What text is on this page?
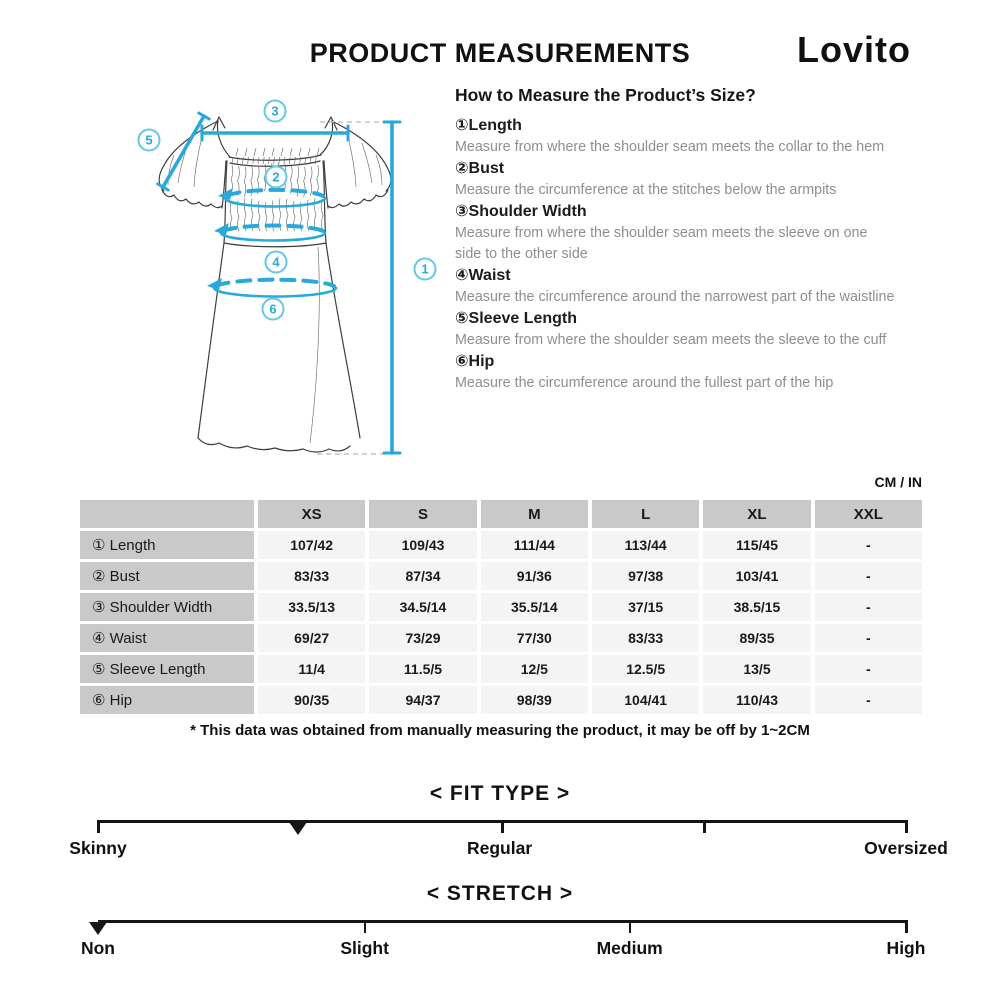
PRODUCT MEASUREMENTS	Lovito
3
5
2
4
6
1
How to Measure the Product’s Size?
①Length
Measure from where the shoulder seam meets the collar to the hem
②Bust
Measure the circumference at the stitches below the armpits
③Shoulder Width
Measure from where the shoulder seam meets the sleeve on one side to the other side
④Waist
Measure the circumference around the narrowest part of the waistline
⑤Sleeve Length
Measure from where the shoulder seam meets the sleeve to the cuff
⑥Hip
Measure the circumference around the fullest part of the hip
CM / IN
XS	S	M	L	XL	XXL
① Length	107/42	109/43	111/44	113/44	115/45	-
② Bust	83/33	87/34	91/36	97/38	103/41	-
③ Shoulder Width	33.5/13	34.5/14	35.5/14	37/15	38.5/15	-
④ Waist	69/27	73/29	77/30	83/33	89/35	-
⑤ Sleeve Length	11/4	11.5/5	12/5	12.5/5	13/5	-
⑥ Hip	90/35	94/37	98/39	104/41	110/43	-
* This data was obtained from manually measuring the product, it may be off by 1~2CM
< FIT TYPE >
Skinny	Regular	Oversized
< STRETCH >
Non	Slight	Medium	High
